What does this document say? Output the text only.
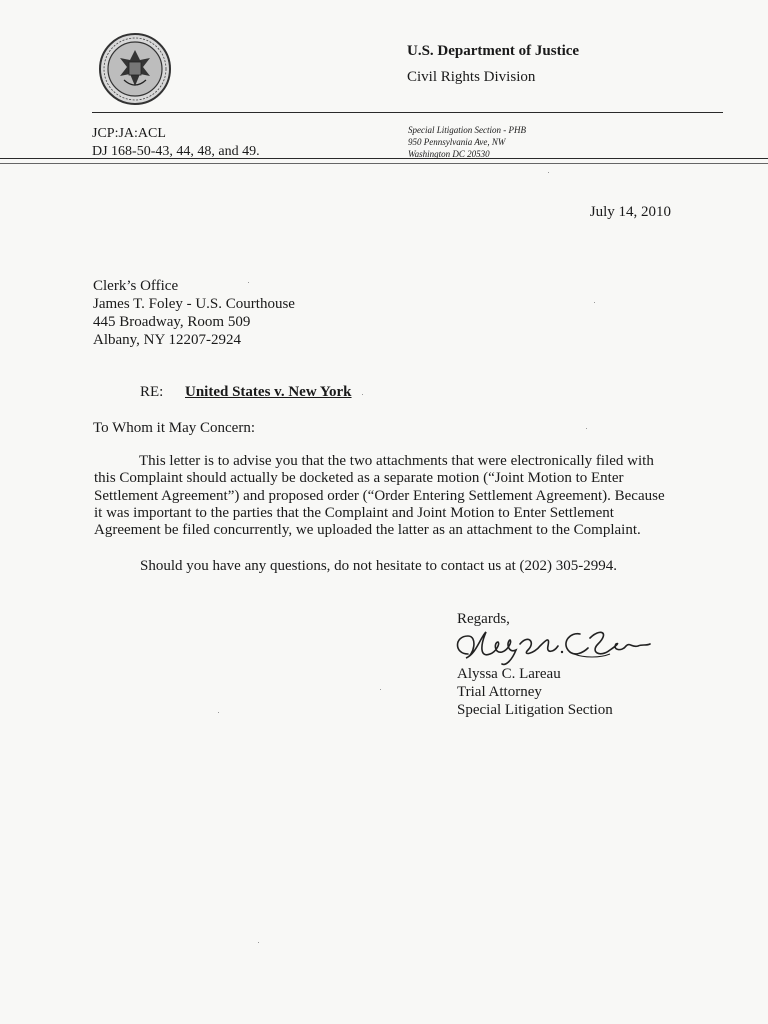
U.S. Department of Justice
Civil Rights Division
JCP:JA:ACL
DJ 168-50-43, 44, 48, and 49.
Special Litigation Section - PHB
950 Pennsylvania Ave, NW
Washington DC 20530
July 14, 2010
Clerk’s Office
James T. Foley - U.S. Courthouse
445 Broadway, Room 509
Albany, NY 12207-2924
RE: United States v. New York
To Whom it May Concern:
This letter is to advise you that the two attachments that were electronically filed with this Complaint should actually be docketed as a separate motion (“Joint Motion to Enter Settlement Agreement”) and proposed order (“Order Entering Settlement Agreement). Because it was important to the parties that the Complaint and Joint Motion to Enter Settlement Agreement be filed concurrently, we uploaded the latter as an attachment to the Complaint.
Should you have any questions, do not hesitate to contact us at (202) 305-2994.
Regards,
Alyssa C. Lareau
Trial Attorney
Special Litigation Section
